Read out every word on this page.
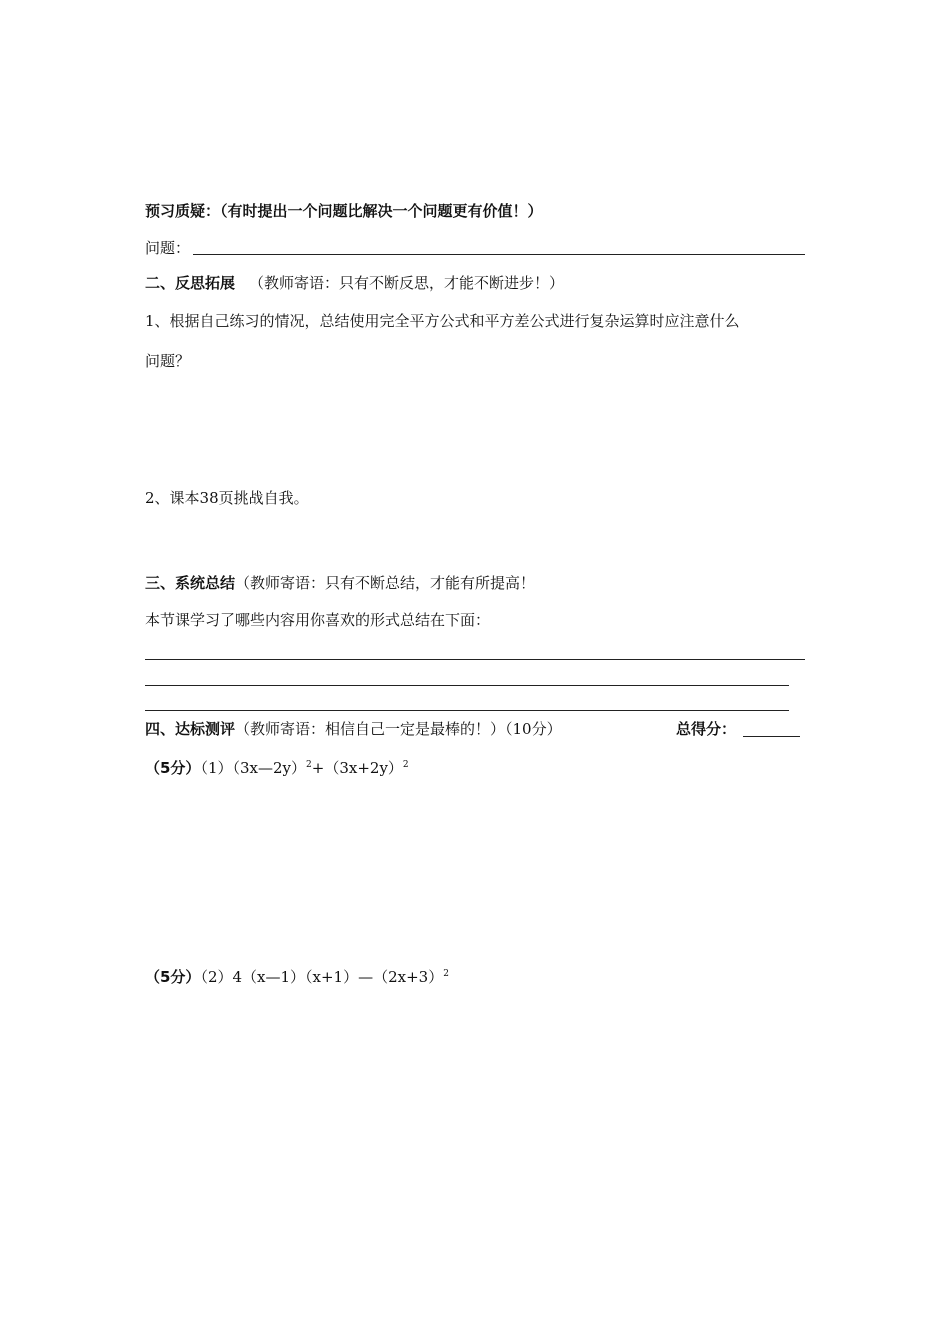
预习质疑：（有时提出一个问题比解决一个问题更有价值！）
问题：
二、反思拓展 （教师寄语：只有不断反思，才能不断进步！）
1、根据自己练习的情况，总结使用完全平方公式和平方差公式进行复杂运算时应注意什么
问题？
2、课本38页挑战自我。
三、系统总结（教师寄语：只有不断总结，才能有所提高！
本节课学习了哪些内容用你喜欢的形式总结在下面：
四、达标测评（教师寄语：相信自己一定是最棒的！）（10分）	总得分：
（5分）$(1)(3x—2y)^2+(3x+2y)^2$
（5分）$(2)4(x—1)(x+1)—(2x+3)^2$
